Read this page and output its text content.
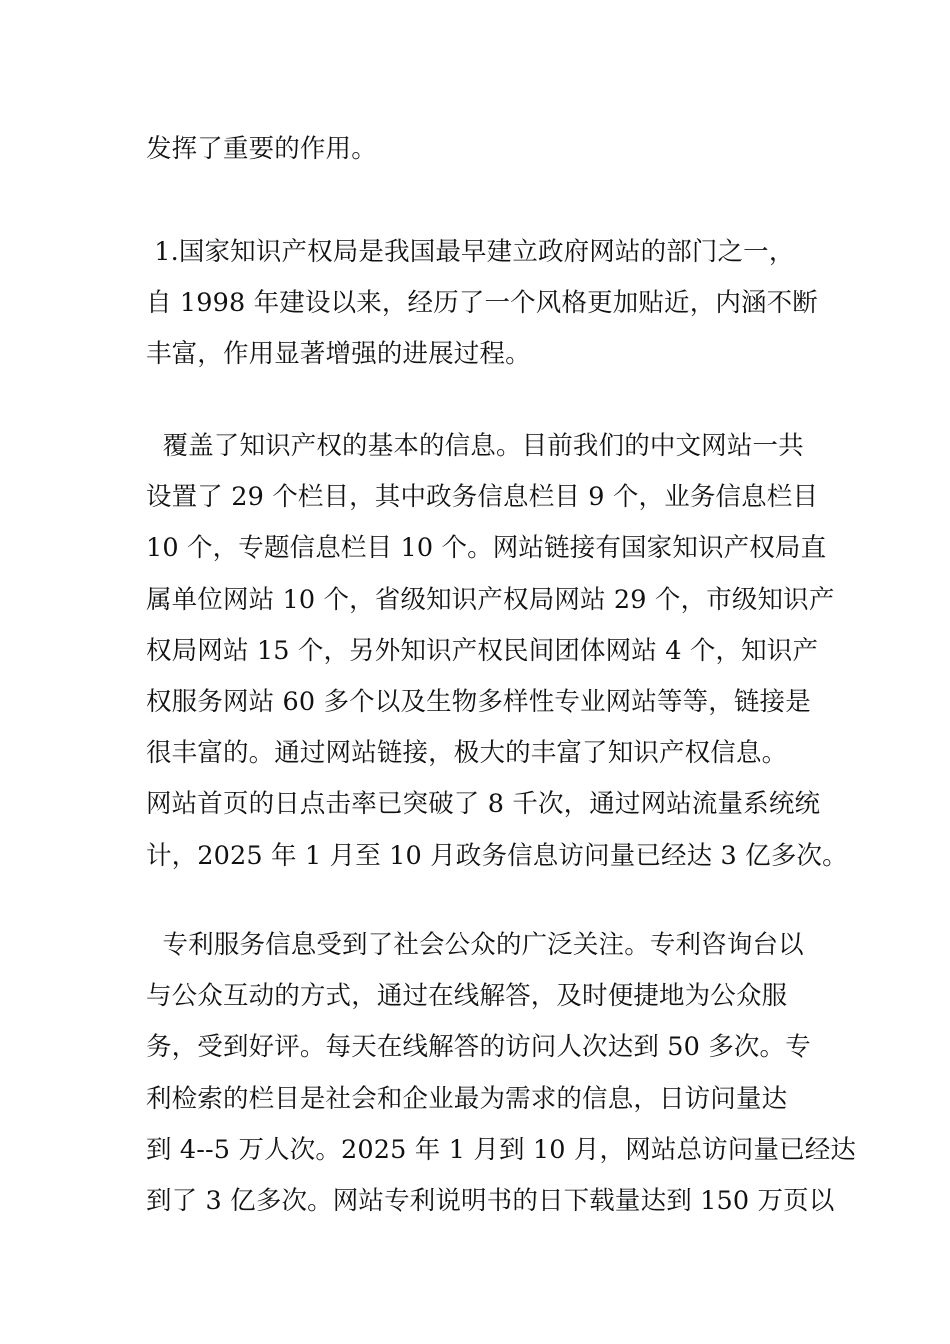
发挥了重要的作用。
1.国家知识产权局是我国最早建立政府网站的部门之一，
自 1998 年建设以来，经历了一个风格更加贴近，内涵不断
丰富，作用显著增强的进展过程。
覆盖了知识产权的基本的信息。目前我们的中文网站一共
设置了 29 个栏目，其中政务信息栏目 9 个，业务信息栏目
10 个，专题信息栏目 10 个。网站链接有国家知识产权局直
属单位网站 10 个，省级知识产权局网站 29 个，市级知识产
权局网站 15 个，另外知识产权民间团体网站 4 个，知识产
权服务网站 60 多个以及生物多样性专业网站等等，链接是
很丰富的。通过网站链接，极大的丰富了知识产权信息。
网站首页的日点击率已突破了 8 千次，通过网站流量系统统
计，2025 年 1 月至 10 月政务信息访问量已经达 3 亿多次。
专利服务信息受到了社会公众的广泛关注。专利咨询台以
与公众互动的方式，通过在线解答，及时便捷地为公众服
务，受到好评。每天在线解答的访问人次达到 50 多次。专
利检索的栏目是社会和企业最为需求的信息，日访问量达
到 4--5 万人次。2025 年 1 月到 10 月，网站总访问量已经达
到了 3 亿多次。网站专利说明书的日下载量达到 150 万页以
